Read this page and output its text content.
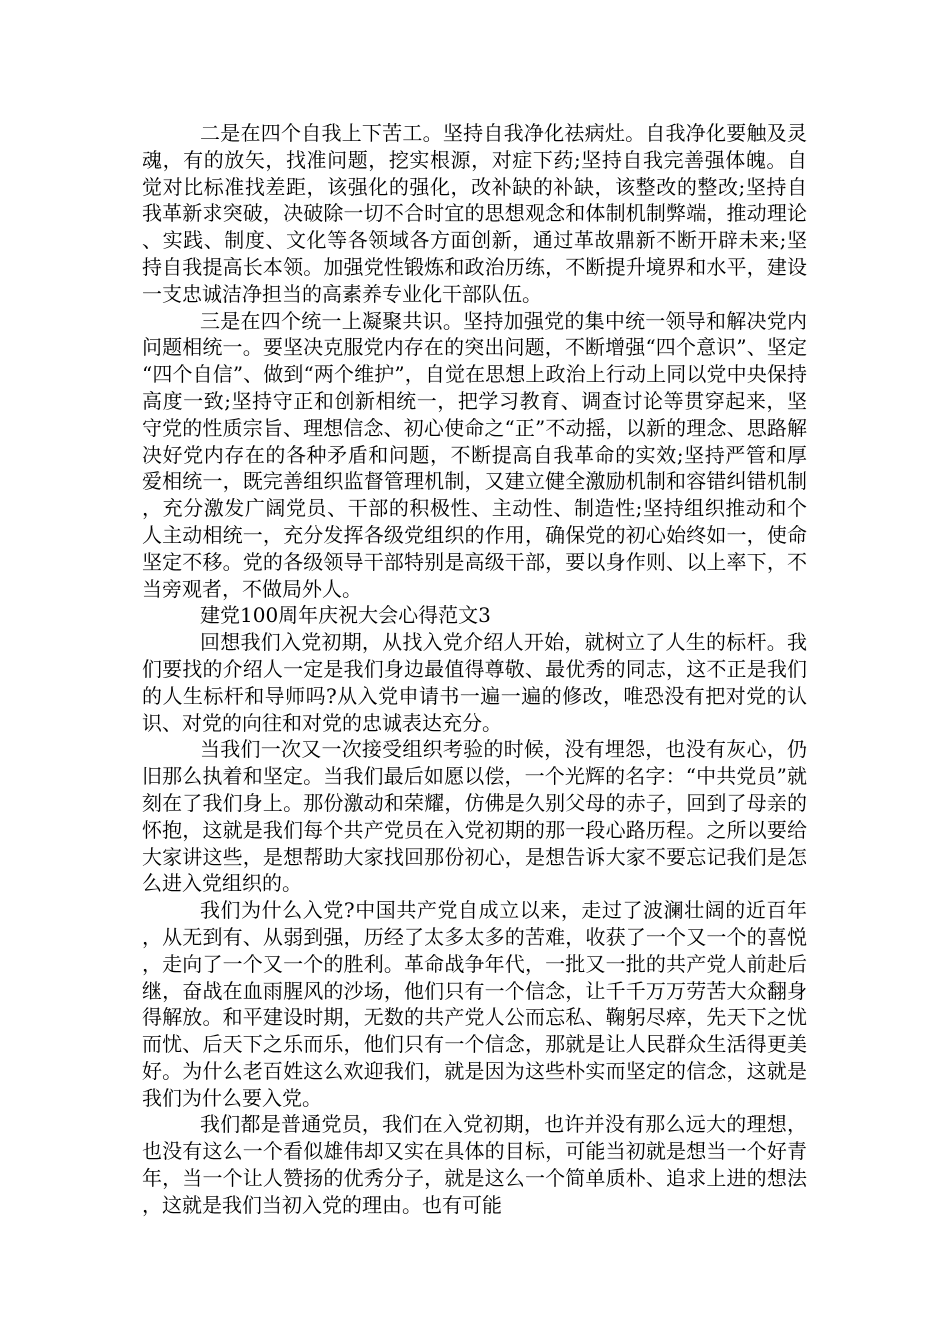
二是在四个自我上下苦工。坚持自我净化祛病灶。自我净化要触及灵魂，有的放矢，找准问题，挖实根源，对症下药;坚持自我完善强体魄。自觉对比标准找差距，该强化的强化，改补缺的补缺，该整改的整改;坚持自我革新求突破，决破除一切不合时宜的思想观念和体制机制弊端，推动理论、实践、制度、文化等各领域各方面创新，通过革故鼎新不断开辟未来;坚持自我提高长本领。加强党性锻炼和政治历练，不断提升境界和水平，建设一支忠诚洁净担当的高素养专业化干部队伍。

三是在四个统一上凝聚共识。坚持加强党的集中统一领导和解决党内问题相统一。要坚决克服党内存在的突出问题，不断增强“四个意识”、坚定“四个自信”、做到“两个维护”，自觉在思想上政治上行动上同以党中央保持高度一致;坚持守正和创新相统一，把学习教育、调查讨论等贯穿起来，坚守党的性质宗旨、理想信念、初心使命之“正”不动摇，以新的理念、思路解决好党内存在的各种矛盾和问题，不断提高自我革命的实效;坚持严管和厚爱相统一，既完善组织监督管理机制，又建立健全激励机制和容错纠错机制，充分激发广阔党员、干部的积极性、主动性、制造性;坚持组织推动和个人主动相统一，充分发挥各级党组织的作用，确保党的初心始终如一，使命坚定不移。党的各级领导干部特别是高级干部，要以身作则、以上率下，不当旁观者，不做局外人。

建党100周年庆祝大会心得范文3

回想我们入党初期，从找入党介绍人开始，就树立了人生的标杆。我们要找的介绍人一定是我们身边最值得尊敬、最优秀的同志，这不正是我们的人生标杆和导师吗?从入党申请书一遍一遍的修改，唯恐没有把对党的认识、对党的向往和对党的忠诚表达充分。

当我们一次又一次接受组织考验的时候，没有埋怨，也没有灰心，仍旧那么执着和坚定。当我们最后如愿以偿，一个光辉的名字：“中共党员”就刻在了我们身上。那份激动和荣耀，仿佛是久别父母的赤子，回到了母亲的怀抱，这就是我们每个共产党员在入党初期的那一段心路历程。之所以要给大家讲这些，是想帮助大家找回那份初心，是想告诉大家不要忘记我们是怎么进入党组织的。

我们为什么入党?中国共产党自成立以来，走过了波澜壮阔的近百年，从无到有、从弱到强，历经了太多太多的苦难，收获了一个又一个的喜悦，走向了一个又一个的胜利。革命战争年代，一批又一批的共产党人前赴后继，奋战在血雨腥风的沙场，他们只有一个信念，让千千万万劳苦大众翻身得解放。和平建设时期，无数的共产党人公而忘私、鞠躬尽瘁，先天下之忧而忧、后天下之乐而乐，他们只有一个信念，那就是让人民群众生活得更美好。为什么老百姓这么欢迎我们，就是因为这些朴实而坚定的信念，这就是我们为什么要入党。

我们都是普通党员，我们在入党初期，也许并没有那么远大的理想，也没有这么一个看似雄伟却又实在具体的目标，可能当初就是想当一个好青年，当一个让人赞扬的优秀分子，就是这么一个简单质朴、追求上进的想法，这就是我们当初入党的理由。也有可能
